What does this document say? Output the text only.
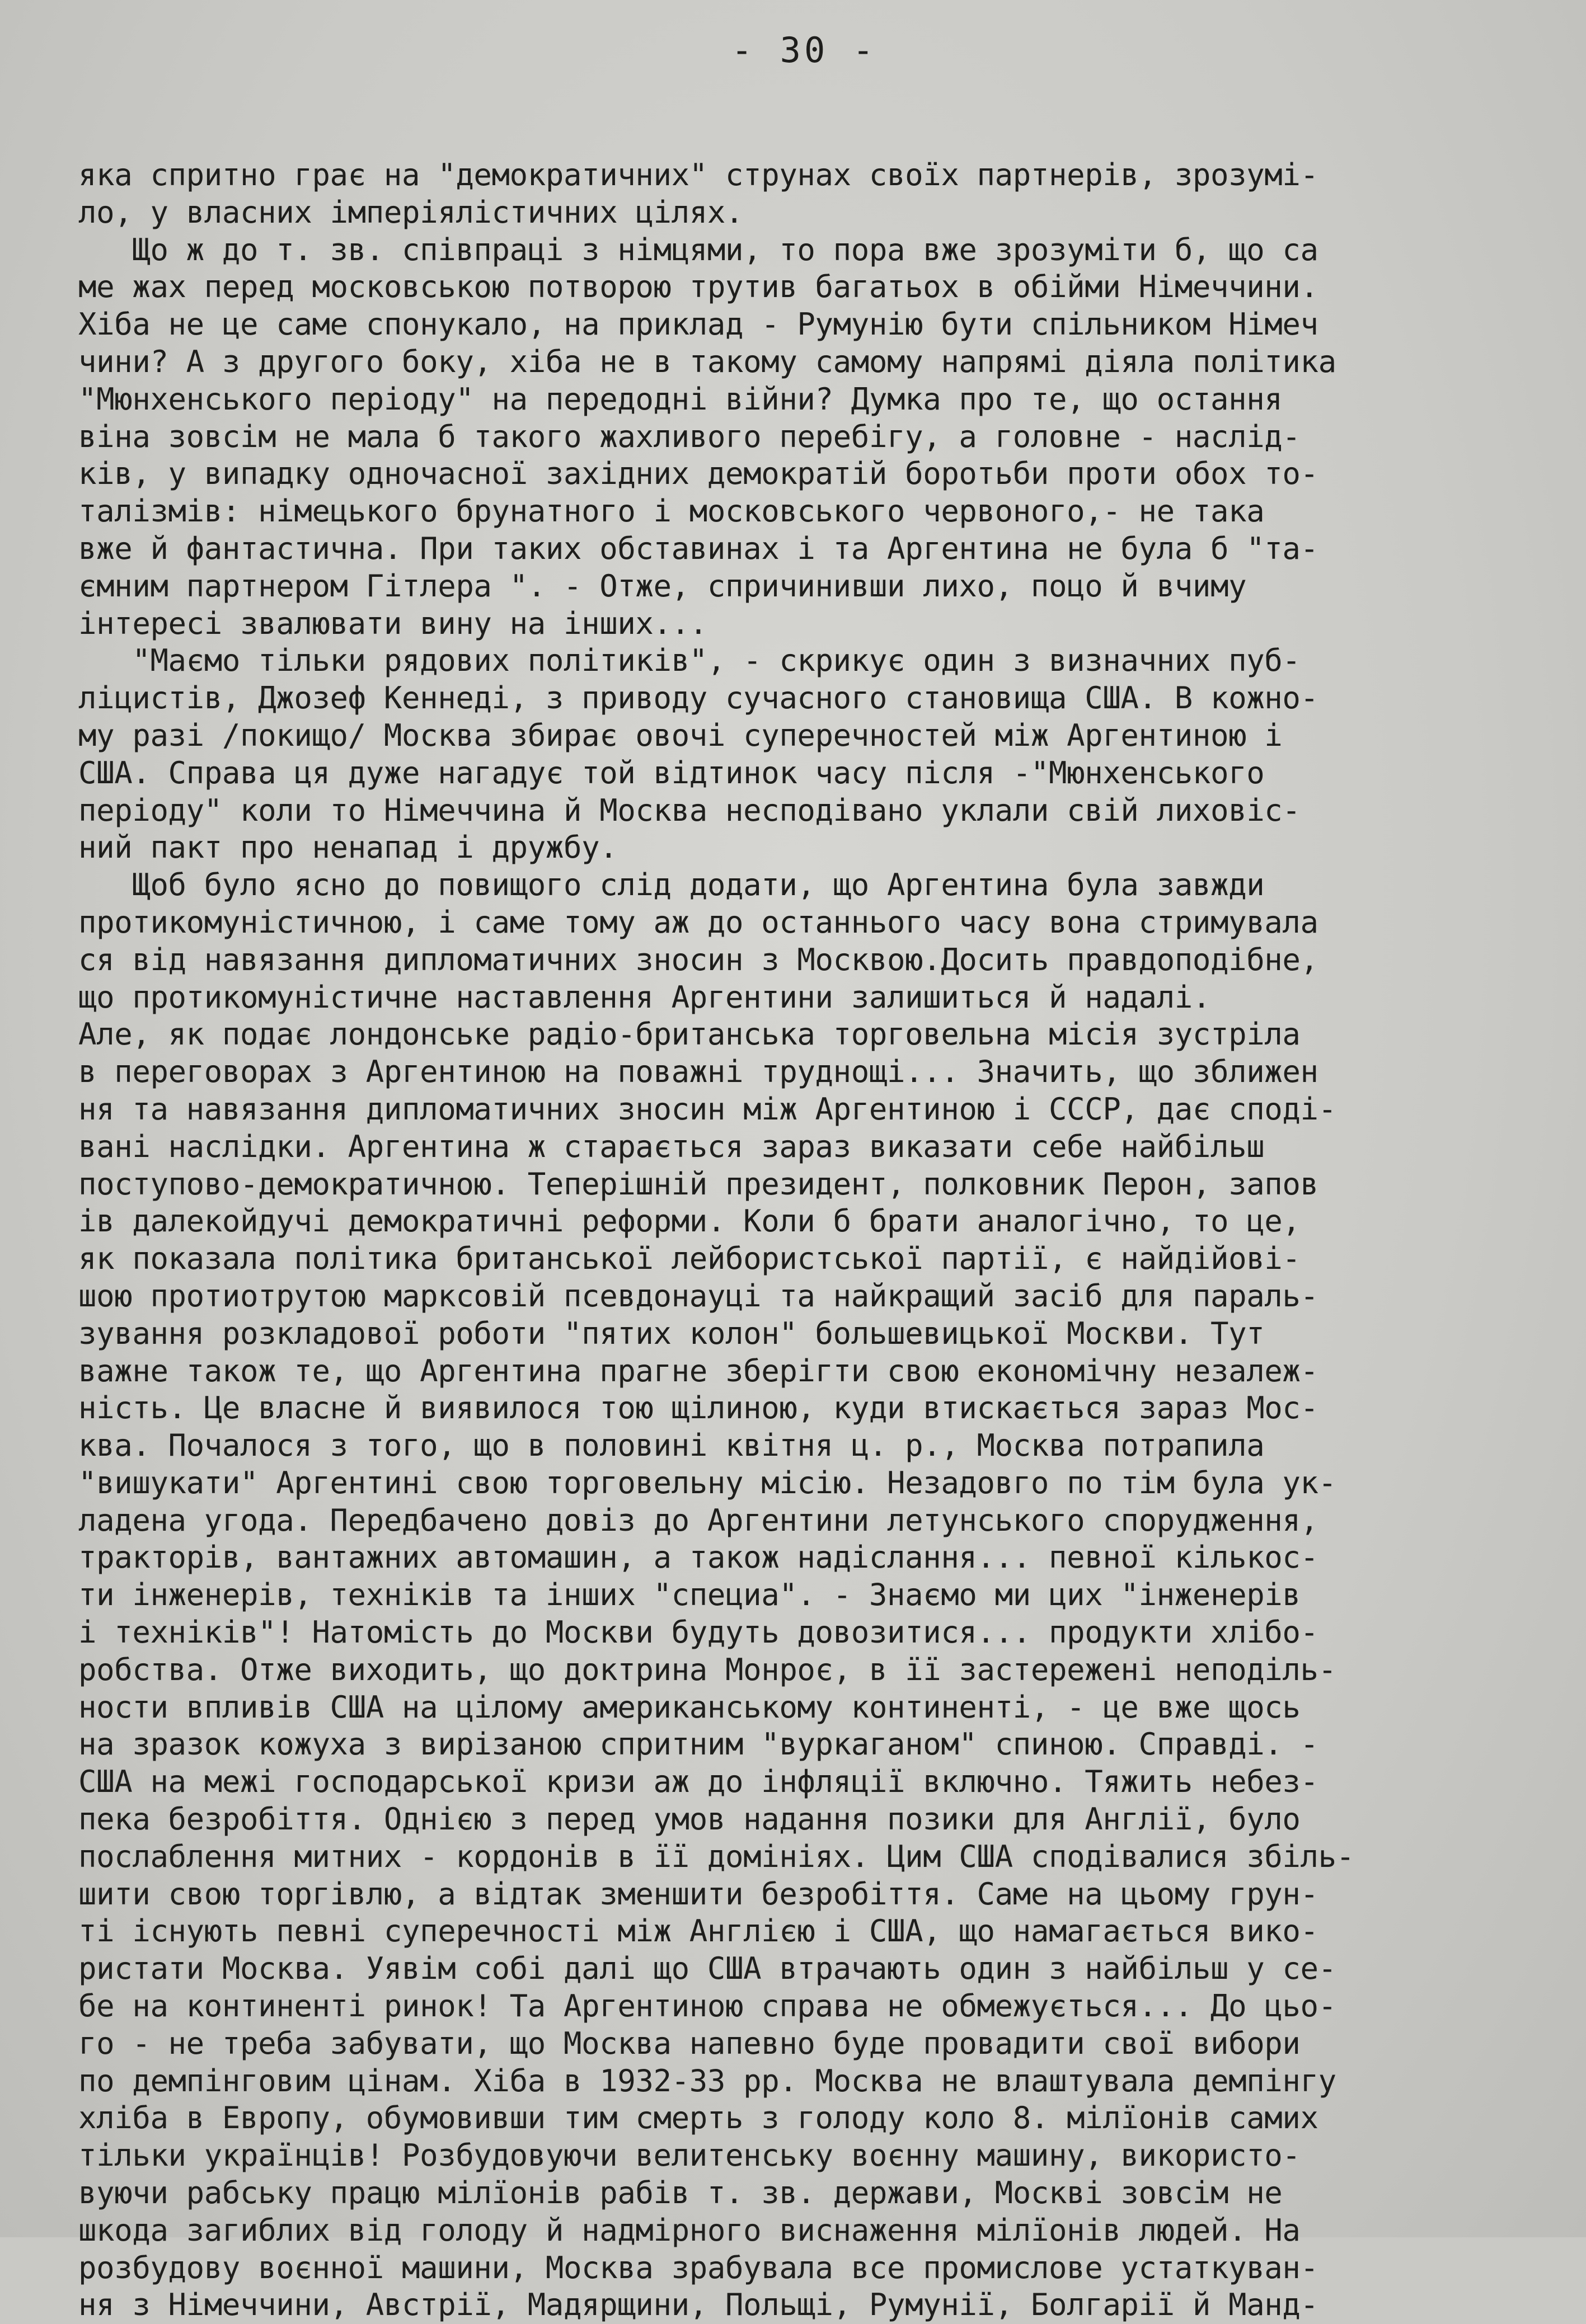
- 30 -
яка спритно грає на "демократичних" струнах своїх партнерів, зрозумі-
ло, у власних імперіялістичних цілях.
Що ж до т. зв. співпраці з німцями, то пора вже зрозуміти б, що са
ме жах перед московською потворою трутив багатьох в обійми Німеччини.
Хіба не це саме спонукало, на приклад - Румунію бути спільником Німеч
чини? А з другого боку, хіба не в такому самому напрямі діяла політика
"Мюнхенського періоду" на передодні війни? Думка про те, що остання
віна зовсім не мала б такого жахливого перебігу, а головне - наслід-
ків, у випадку одночасної західних демократій боротьби проти обох то-
талізмів: німецького брунатного і московського червоного,- не така
вже й фантастична. При таких обставинах і та Аргентина не була б "та-
ємним партнером Гітлера ". - Отже, спричинивши лихо, поцо й вчиму
інтересі звалювати вину на інших...
"Маємо тільки рядових політиків", - скрикує один з визначних пуб-
ліцистів, Джозеф Кеннеді, з приводу сучасного становища США. В кожно-
му разі /покищо/ Москва збирає овочі суперечностей між Аргентиною і
США. Справа ця дуже нагадує той відтинок часу після -"Мюнхенського
періоду" коли то Німеччина й Москва несподівано уклали свій лиховіс-
ний пакт про ненапад і дружбу.
Щоб було ясно до повищого слід додати, що Аргентина була завжди
протикомуністичною, і саме тому аж до останнього часу вона стримувала
ся від навязання дипломатичних зносин з Москвою.Досить правдоподібне,
що протикомуністичне наставлення Аргентини залишиться й надалі.
Але, як подає лондонське радіо-британська торговельна місія зустріла
в переговорах з Аргентиною на поважні труднощі... Значить, що зближен
ня та навязання дипломатичних зносин між Аргентиною і СССР, дає споді-
вані наслідки. Аргентина ж старається зараз виказати себе найбільш
поступово-демократичною. Теперішній президент, полковник Перон, запов
ів далекойдучі демократичні реформи. Коли б брати аналогічно, то це,
як показала політика британської лейбористської партії, є найдійові-
шою протиотрутою марксовій псевдонауці та найкращий засіб для параль-
зування розкладової роботи "пятих колон" большевицької Москви. Тут
важне також те, що Аргентина прагне зберігти свою економічну незалеж-
ність. Це власне й виявилося тою щілиною, куди втискається зараз Мос-
ква. Почалося з того, що в половині квітня ц. р., Москва потрапила
"вишукати" Аргентині свою торговельну місію. Незадовго по тім була ук-
ладена угода. Передбачено довіз до Аргентини летунського спорудження,
тракторів, вантажних автомашин, а також надіслання... певної кількос-
ти інженерів, техніків та інших "специа". - Знаємо ми цих "інженерів
і техніків"! Натомість до Москви будуть довозитися... продукти хлібо-
робства. Отже виходить, що доктрина Монроє, в її застережені неподіль-
ности впливів США на цілому американському континенті, - це вже щось
на зразок кожуха з вирізаною спритним "вуркаганом" спиною. Справді. -
США на межі господарської кризи аж до інфляції включно. Тяжить небез-
пека безробіття. Однією з перед умов надання позики для Англії, було
послаблення митних - кордонів в її домініях. Цим США сподівалися збіль-
шити свою торгівлю, а відтак зменшити безробіття. Саме на цьому грун-
ті існують певні суперечності між Англією і США, що намагається вико-
ристати Москва. Уявім собі далі що США втрачають один з найбільш у се-
бе на континенті ринок! Та Аргентиною справа не обмежується... До цьо-
го - не треба забувати, що Москва напевно буде провадити свої вибори
по демпінговим цінам. Хіба в 1932-33 рр. Москва не влаштувала демпінгу
хліба в Европу, обумовивши тим смерть з голоду коло 8. мілїонів самих
тільки українців! Розбудовуючи велитенську воєнну машину, використо-
вуючи рабську працю мілїонів рабів т. зв. держави, Москві зовсім не
шкода загиблих від голоду й надмірного виснаження мілїонів людей. На
розбудову воєнної машини, Москва зрабувала все промислове устаткуван-
ня з Німеччини, Австрії, Мадярщини, Польщі, Румунії, Болгарії й Манд-
